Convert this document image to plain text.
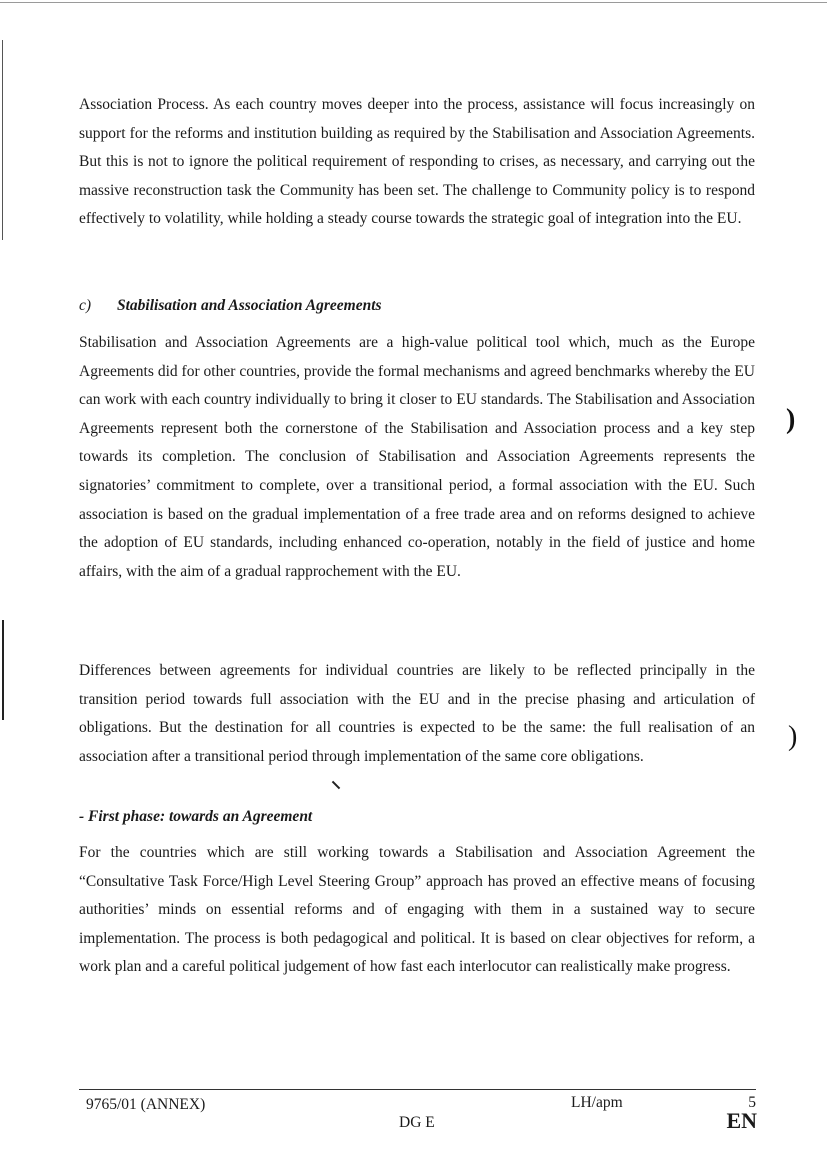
Association Process. As each country moves deeper into the process, assistance will focus increasingly on support for the reforms and institution building as required by the Stabilisation and Association Agreements. But this is not to ignore the political requirement of responding to crises, as necessary, and carrying out the massive reconstruction task the Community has been set. The challenge to Community policy is to respond effectively to volatility, while holding a steady course towards the strategic goal of integration into the EU.

c) Stabilisation and Association Agreements

Stabilisation and Association Agreements are a high-value political tool which, much as the Europe Agreements did for other countries, provide the formal mechanisms and agreed benchmarks whereby the EU can work with each country individually to bring it closer to EU standards. The Stabilisation and Association Agreements represent both the cornerstone of the Stabilisation and Association process and a key step towards its completion. The conclusion of Stabilisation and Association Agreements represents the signatories’ commitment to complete, over a transitional period, a formal association with the EU. Such association is based on the gradual implementation of a free trade area and on reforms designed to achieve the adoption of EU standards, including enhanced co-operation, notably in the field of justice and home affairs, with the aim of a gradual rapprochement with the EU.

)

Differences between agreements for individual countries are likely to be reflected principally in the transition period towards full association with the EU and in the precise phasing and articulation of obligations. But the destination for all countries is expected to be the same: the full realisation of an association after a transitional period through implementation of the same core obligations.

)
- First phase: towards an Agreement

For the countries which are still working towards a Stabilisation and Association Agreement the “Consultative Task Force/High Level Steering Group” approach has proved an effective means of focusing authorities’ minds on essential reforms and of engaging with them in a sustained way to secure implementation. The process is both pedagogical and political. It is based on clear objectives for reform, a work plan and a careful political judgement of how fast each interlocutor can realistically make progress.

9765/01 (ANNEX)	LH/apm	5

DG E	EN
